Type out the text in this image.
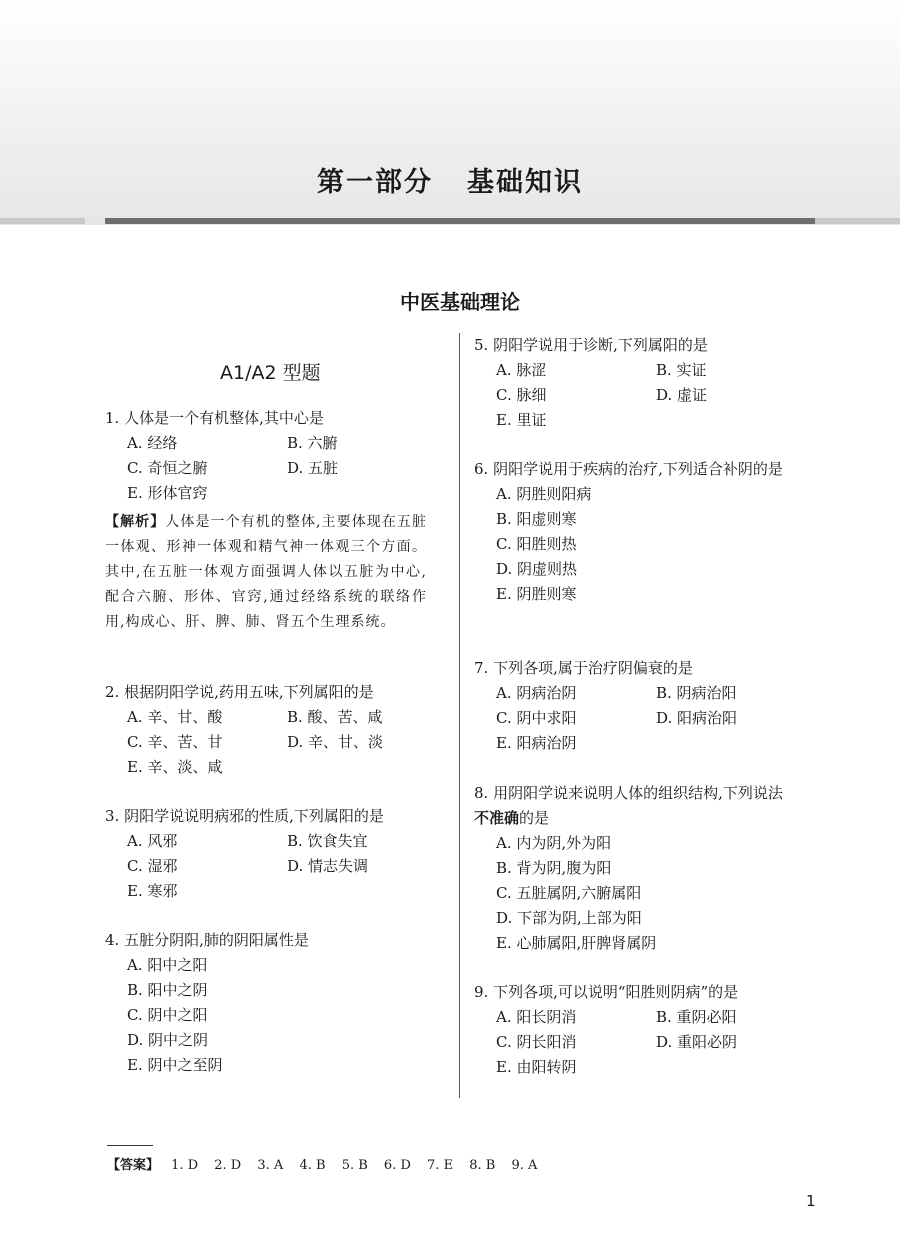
第一部分 基础知识
中医基础理论
A1/A2 型题
1. 人体是一个有机整体,其中心是
A. 经络	B. 六腑
C. 奇恒之腑	D. 五脏
E. 形体官窍
【解析】人体是一个有机的整体,主要体现在五脏一体观、形神一体观和精气神一体观三个方面。其中,在五脏一体观方面强调人体以五脏为中心,配合六腑、形体、官窍,通过经络系统的联络作用,构成心、肝、脾、肺、肾五个生理系统。
2. 根据阴阳学说,药用五味,下列属阳的是
A. 辛、甘、酸	B. 酸、苦、咸
C. 辛、苦、甘	D. 辛、甘、淡
E. 辛、淡、咸
3. 阴阳学说说明病邪的性质,下列属阳的是
A. 风邪	B. 饮食失宜
C. 湿邪	D. 情志失调
E. 寒邪
4. 五脏分阴阳,肺的阴阳属性是
A. 阳中之阳
B. 阳中之阴
C. 阴中之阳
D. 阴中之阴
E. 阴中之至阴
5. 阴阳学说用于诊断,下列属阳的是
A. 脉涩	B. 实证
C. 脉细	D. 虚证
E. 里证
6. 阴阳学说用于疾病的治疗,下列适合补阴的是
A. 阴胜则阳病
B. 阳虚则寒
C. 阳胜则热
D. 阴虚则热
E. 阴胜则寒
7. 下列各项,属于治疗阴偏衰的是
A. 阴病治阴	B. 阴病治阳
C. 阴中求阳	D. 阳病治阳
E. 阳病治阴
8. 用阴阳学说来说明人体的组织结构,下列说法不准确的是
A. 内为阴,外为阳
B. 背为阴,腹为阳
C. 五脏属阴,六腑属阳
D. 下部为阴,上部为阳
E. 心肺属阳,肝脾肾属阴
9. 下列各项,可以说明“阳胜则阴病”的是
A. 阳长阴消	B. 重阴必阳
C. 阴长阳消	D. 重阳必阴
E. 由阳转阴
【答案】 1. D 2. D 3. A 4. B 5. B 6. D 7. E 8. B 9. A
1
